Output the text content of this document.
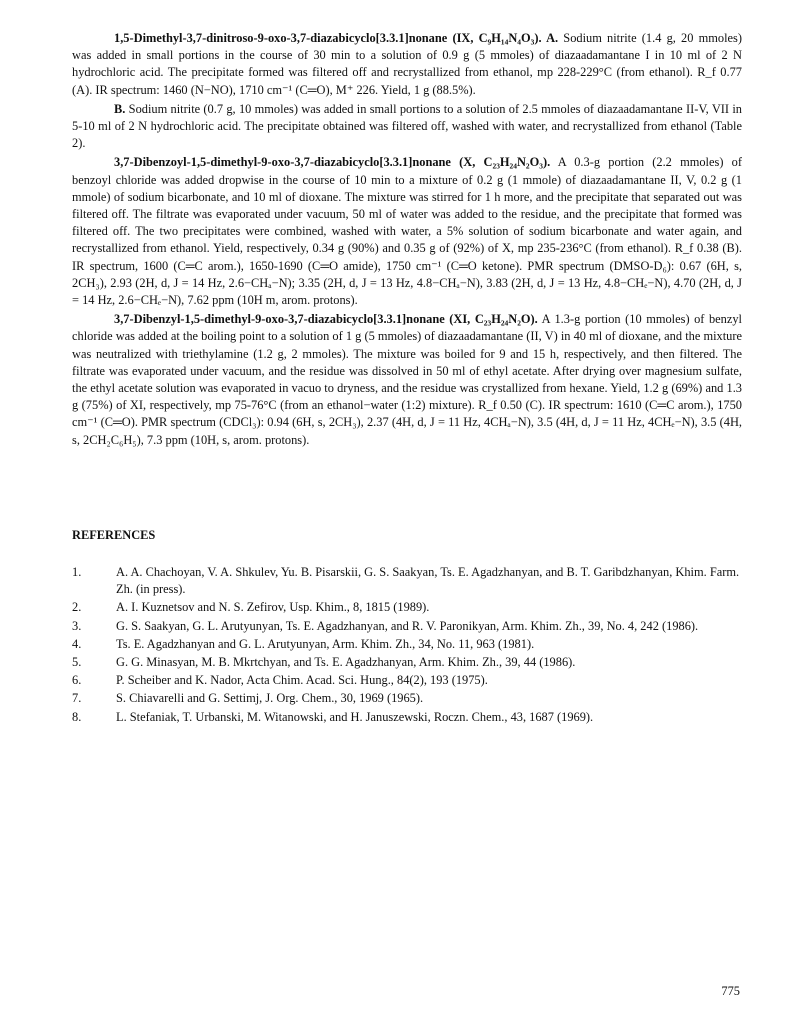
1,5-Dimethyl-3,7-dinitroso-9-oxo-3,7-diazabicyclo[3.3.1]nonane (IX, C₉H₁₄N₄O₃). A. Sodium nitrite (1.4 g, 20 mmoles) was added in small portions in the course of 30 min to a solution of 0.9 g (5 mmoles) of diazaadamantane I in 10 ml of 2 N hydrochloric acid. The precipitate formed was filtered off and recrystallized from ethanol, mp 228-229°C (from ethanol). R_f 0.77 (A). IR spectrum: 1460 (N−NO), 1710 cm⁻¹ (C═O), M⁺ 226. Yield, 1 g (88.5%).

B. Sodium nitrite (0.7 g, 10 mmoles) was added in small portions to a solution of 2.5 mmoles of diazaadamantane II-V, VII in 5-10 ml of 2 N hydrochloric acid. The precipitate obtained was filtered off, washed with water, and recrystallized from ethanol (Table 2).

3,7-Dibenzoyl-1,5-dimethyl-9-oxo-3,7-diazabicyclo[3.3.1]nonane (X, C₂₃H₂₄N₂O₃). A 0.3-g portion (2.2 mmoles) of benzoyl chloride was added dropwise in the course of 10 min to a mixture of 0.2 g (1 mmole) of diazaadamantane II, V, 0.2 g (1 mmole) of sodium bicarbonate, and 10 ml of dioxane. The mixture was stirred for 1 h more, and the precipitate that separated out was filtered off. The filtrate was evaporated under vacuum, 50 ml of water was added to the residue, and the precipitate that formed was filtered off. The two precipitates were combined, washed with water, a 5% solution of sodium bicarbonate and water again, and recrystallized from ethanol. Yield, respectively, 0.34 g (90%) and 0.35 g of (92%) of X, mp 235-236°C (from ethanol). R_f 0.38 (B). IR spectrum, 1600 (C═C arom.), 1650-1690 (C═O amide), 1750 cm⁻¹ (C═O ketone). PMR spectrum (DMSO-D₆): 0.67 (6H, s, 2CH₃), 2.93 (2H, d, J = 14 Hz, 2.6−CHₐ−N); 3.35 (2H, d, J = 13 Hz, 4.8−CHₐ−N), 3.83 (2H, d, J = 13 Hz, 4.8−CHₑ−N), 4.70 (2H, d, J = 14 Hz, 2.6−CHₑ−N), 7.62 ppm (10H m, arom. protons).

3,7-Dibenzyl-1,5-dimethyl-9-oxo-3,7-diazabicyclo[3.3.1]nonane (XI, C₂₃H₂₄N₂O). A 1.3-g portion (10 mmoles) of benzyl chloride was added at the boiling point to a solution of 1 g (5 mmoles) of diazaadamantane (II, V) in 40 ml of dioxane, and the mixture was neutralized with triethylamine (1.2 g, 2 mmoles). The mixture was boiled for 9 and 15 h, respectively, and then filtered. The filtrate was evaporated under vacuum, and the residue was dissolved in 50 ml of ethyl acetate. After drying over magnesium sulfate, the ethyl acetate solution was evaporated in vacuo to dryness, and the residue was crystallized from hexane. Yield, 1.2 g (69%) and 1.3 g (75%) of XI, respectively, mp 75-76°C (from an ethanol−water (1:2) mixture). R_f 0.50 (C). IR spectrum: 1610 (C═C arom.), 1750 cm⁻¹ (C═O). PMR spectrum (CDCl₃): 0.94 (6H, s, 2CH₃), 2.37 (4H, d, J = 11 Hz, 4CHₐ−N), 3.5 (4H, d, J = 11 Hz, 4CHₑ−N), 3.5 (4H, s, 2CH₂C₆H₅), 7.3 ppm (10H, s, arom. protons).

REFERENCES
1.	A. A. Chachoyan, V. A. Shkulev, Yu. B. Pisarskii, G. S. Saakyan, Ts. E. Agadzhanyan, and B. T. Garibdzhanyan, Khim. Farm. Zh. (in press).
2.	A. I. Kuznetsov and N. S. Zefirov, Usp. Khim., 8, 1815 (1989).
3.	G. S. Saakyan, G. L. Arutyunyan, Ts. E. Agadzhanyan, and R. V. Paronikyan, Arm. Khim. Zh., 39, No. 4, 242 (1986).
4.	Ts. E. Agadzhanyan and G. L. Arutyunyan, Arm. Khim. Zh., 34, No. 11, 963 (1981).
5.	G. G. Minasyan, M. B. Mkrtchyan, and Ts. E. Agadzhanyan, Arm. Khim. Zh., 39, 44 (1986).
6.	P. Scheiber and K. Nador, Acta Chim. Acad. Sci. Hung., 84(2), 193 (1975).
7.	S. Chiavarelli and G. Settimj, J. Org. Chem., 30, 1969 (1965).
8.	L. Stefaniak, T. Urbanski, M. Witanowski, and H. Januszewski, Roczn. Chem., 43, 1687 (1969).
775
